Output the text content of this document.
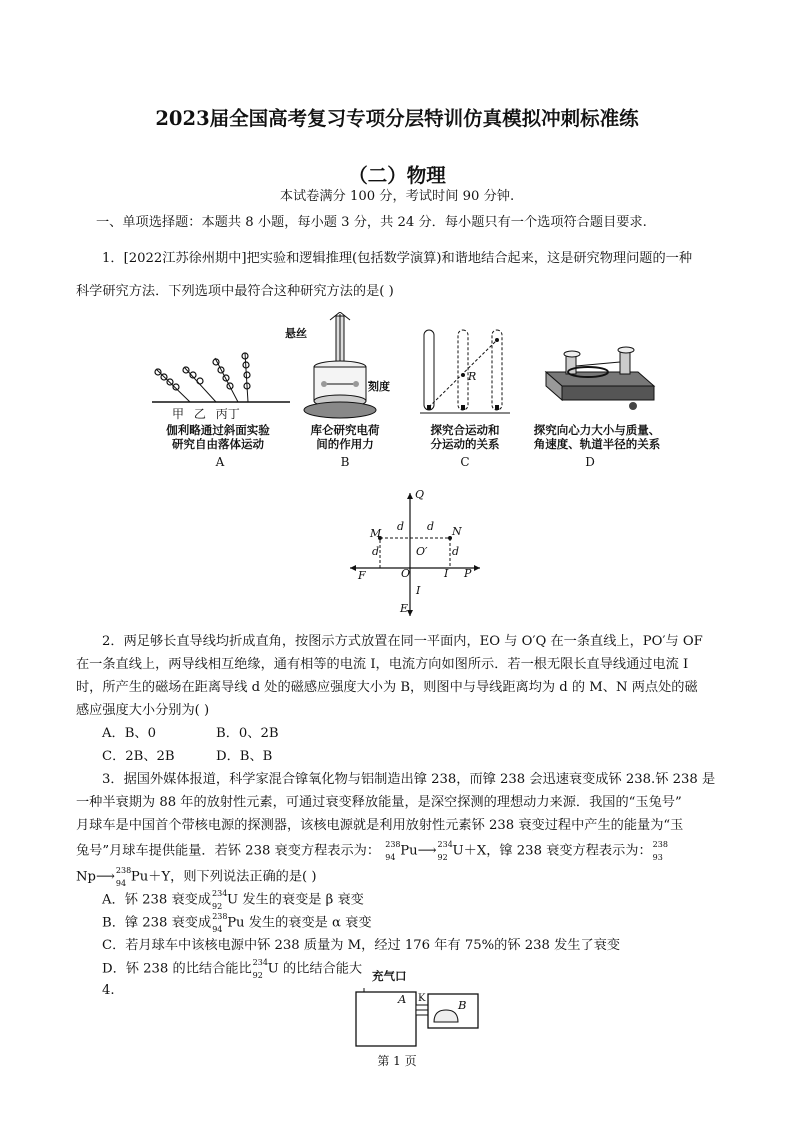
2023届全国高考复习专项分层特训仿真模拟冲刺标准练
（二）物理
本试卷满分 100 分，考试时间 90 分钟.
一、单项选择题：本题共 8 小题，每小题 3 分，共 24 分．每小题只有一个选项符合题目要求.
1．[2022江苏徐州期中]把实验和逻辑推理(包括数学演算)和谐地结合起来，这是研究物理问题的一种
科学研究方法．下列选项中最符合这种研究方法的是( )
甲 乙 丙丁
伽利略通过斜面实验
研究自由落体运动
A
悬丝
刻度
库仑研究电荷
间的作用力
B
R
探究合运动和
分运动的关系
C
探究向心力大小与质量、
角速度、轨道半径的关系
D
Q
M	N
d d
d	d
O′
F	O	I P
I
E
2．两足够长直导线均折成直角，按图示方式放置在同一平面内，EO 与 O′Q 在一条直线上，PO′与 OF
在一条直线上，两导线相互绝缘，通有相等的电流 I，电流方向如图所示．若一根无限长直导线通过电流 I
时，所产生的磁场在距离导线 d 处的磁感应强度大小为 B，则图中与导线距离均为 d 的 M、N 两点处的磁
感应强度大小分别为( )
A．B、0	B．0、2B
C．2B、2B	D．B、B
3．据国外媒体报道，科学家混合镎氧化物与铝制造出镎 238，而镎 238 会迅速衰变成钚 238.钚 238 是
一种半衰期为 88 年的放射性元素，可通过衰变释放能量，是深空探测的理想动力来源．我国的“玉兔号”
月球车是中国首个带核电源的探测器，该核电源就是利用放射性元素钚 238 衰变过程中产生的能量为“玉
兔号”月球车提供能量．若钚 238 衰变方程表示为： 238
94 Pu⟶ 234
92 U＋X，镎 238 衰变方程表示为： 238
93
Np⟶ 238
94 Pu＋Y，则下列说法正确的是( )
A．钚 238 衰变成 234
92 U 发生的衰变是 β 衰变
B．镎 238 衰变成 238
94 Pu 发生的衰变是 α 衰变
C．若月球车中该核电源中钚 238 质量为 M，经过 176 年有 75%的钚 238 发生了衰变
D．钚 238 的比结合能比 234
92 U 的比结合能大
4.
充气口
A K	B
第 1 页
